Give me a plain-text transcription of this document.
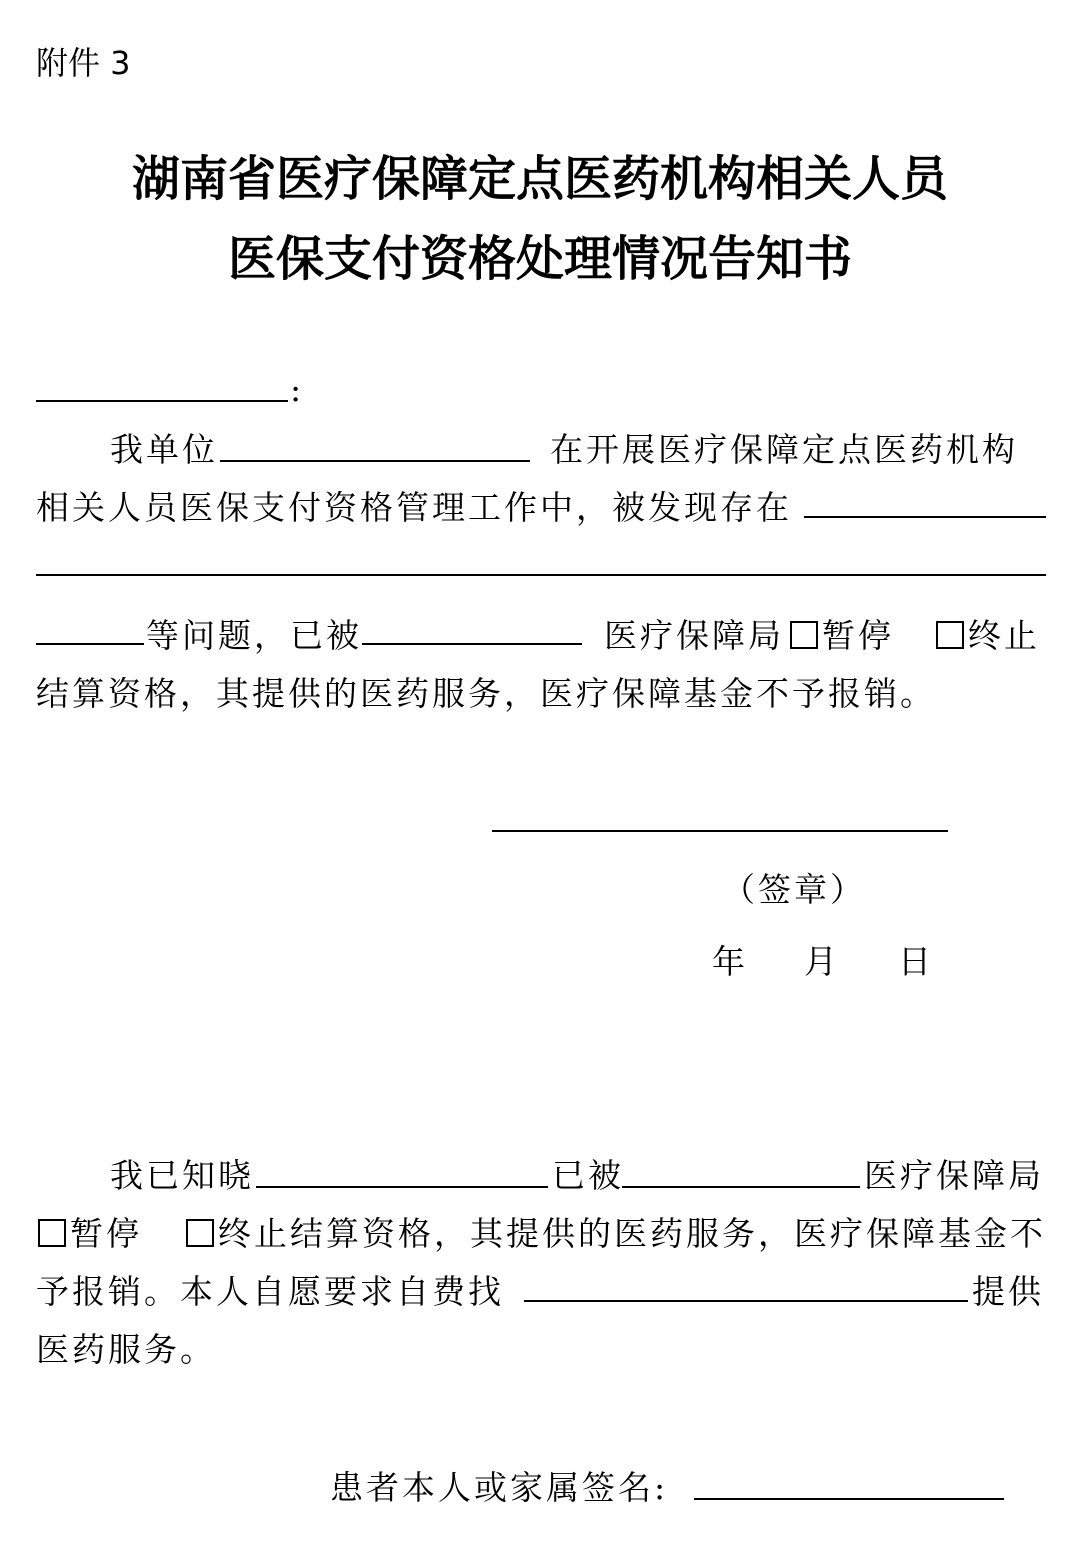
附件 3
湖南省医疗保障定点医药机构相关人员
医保支付资格处理情况告知书
:
我单位	在开展医疗保障定点医药机构
相关人员医保支付资格管理工作中，被发现存在
等问题，已被	医疗保障局	暂停	终止
结算资格，其提供的医药服务，医疗保障基金不予报销。
（签章）
年 月 日
我已知晓	已被	医疗保障局
暂停	终止结算资格，其提供的医药服务，医疗保障基金不
予报销。本人自愿要求自费找	提供
医药服务。
患者本人或家属签名:
